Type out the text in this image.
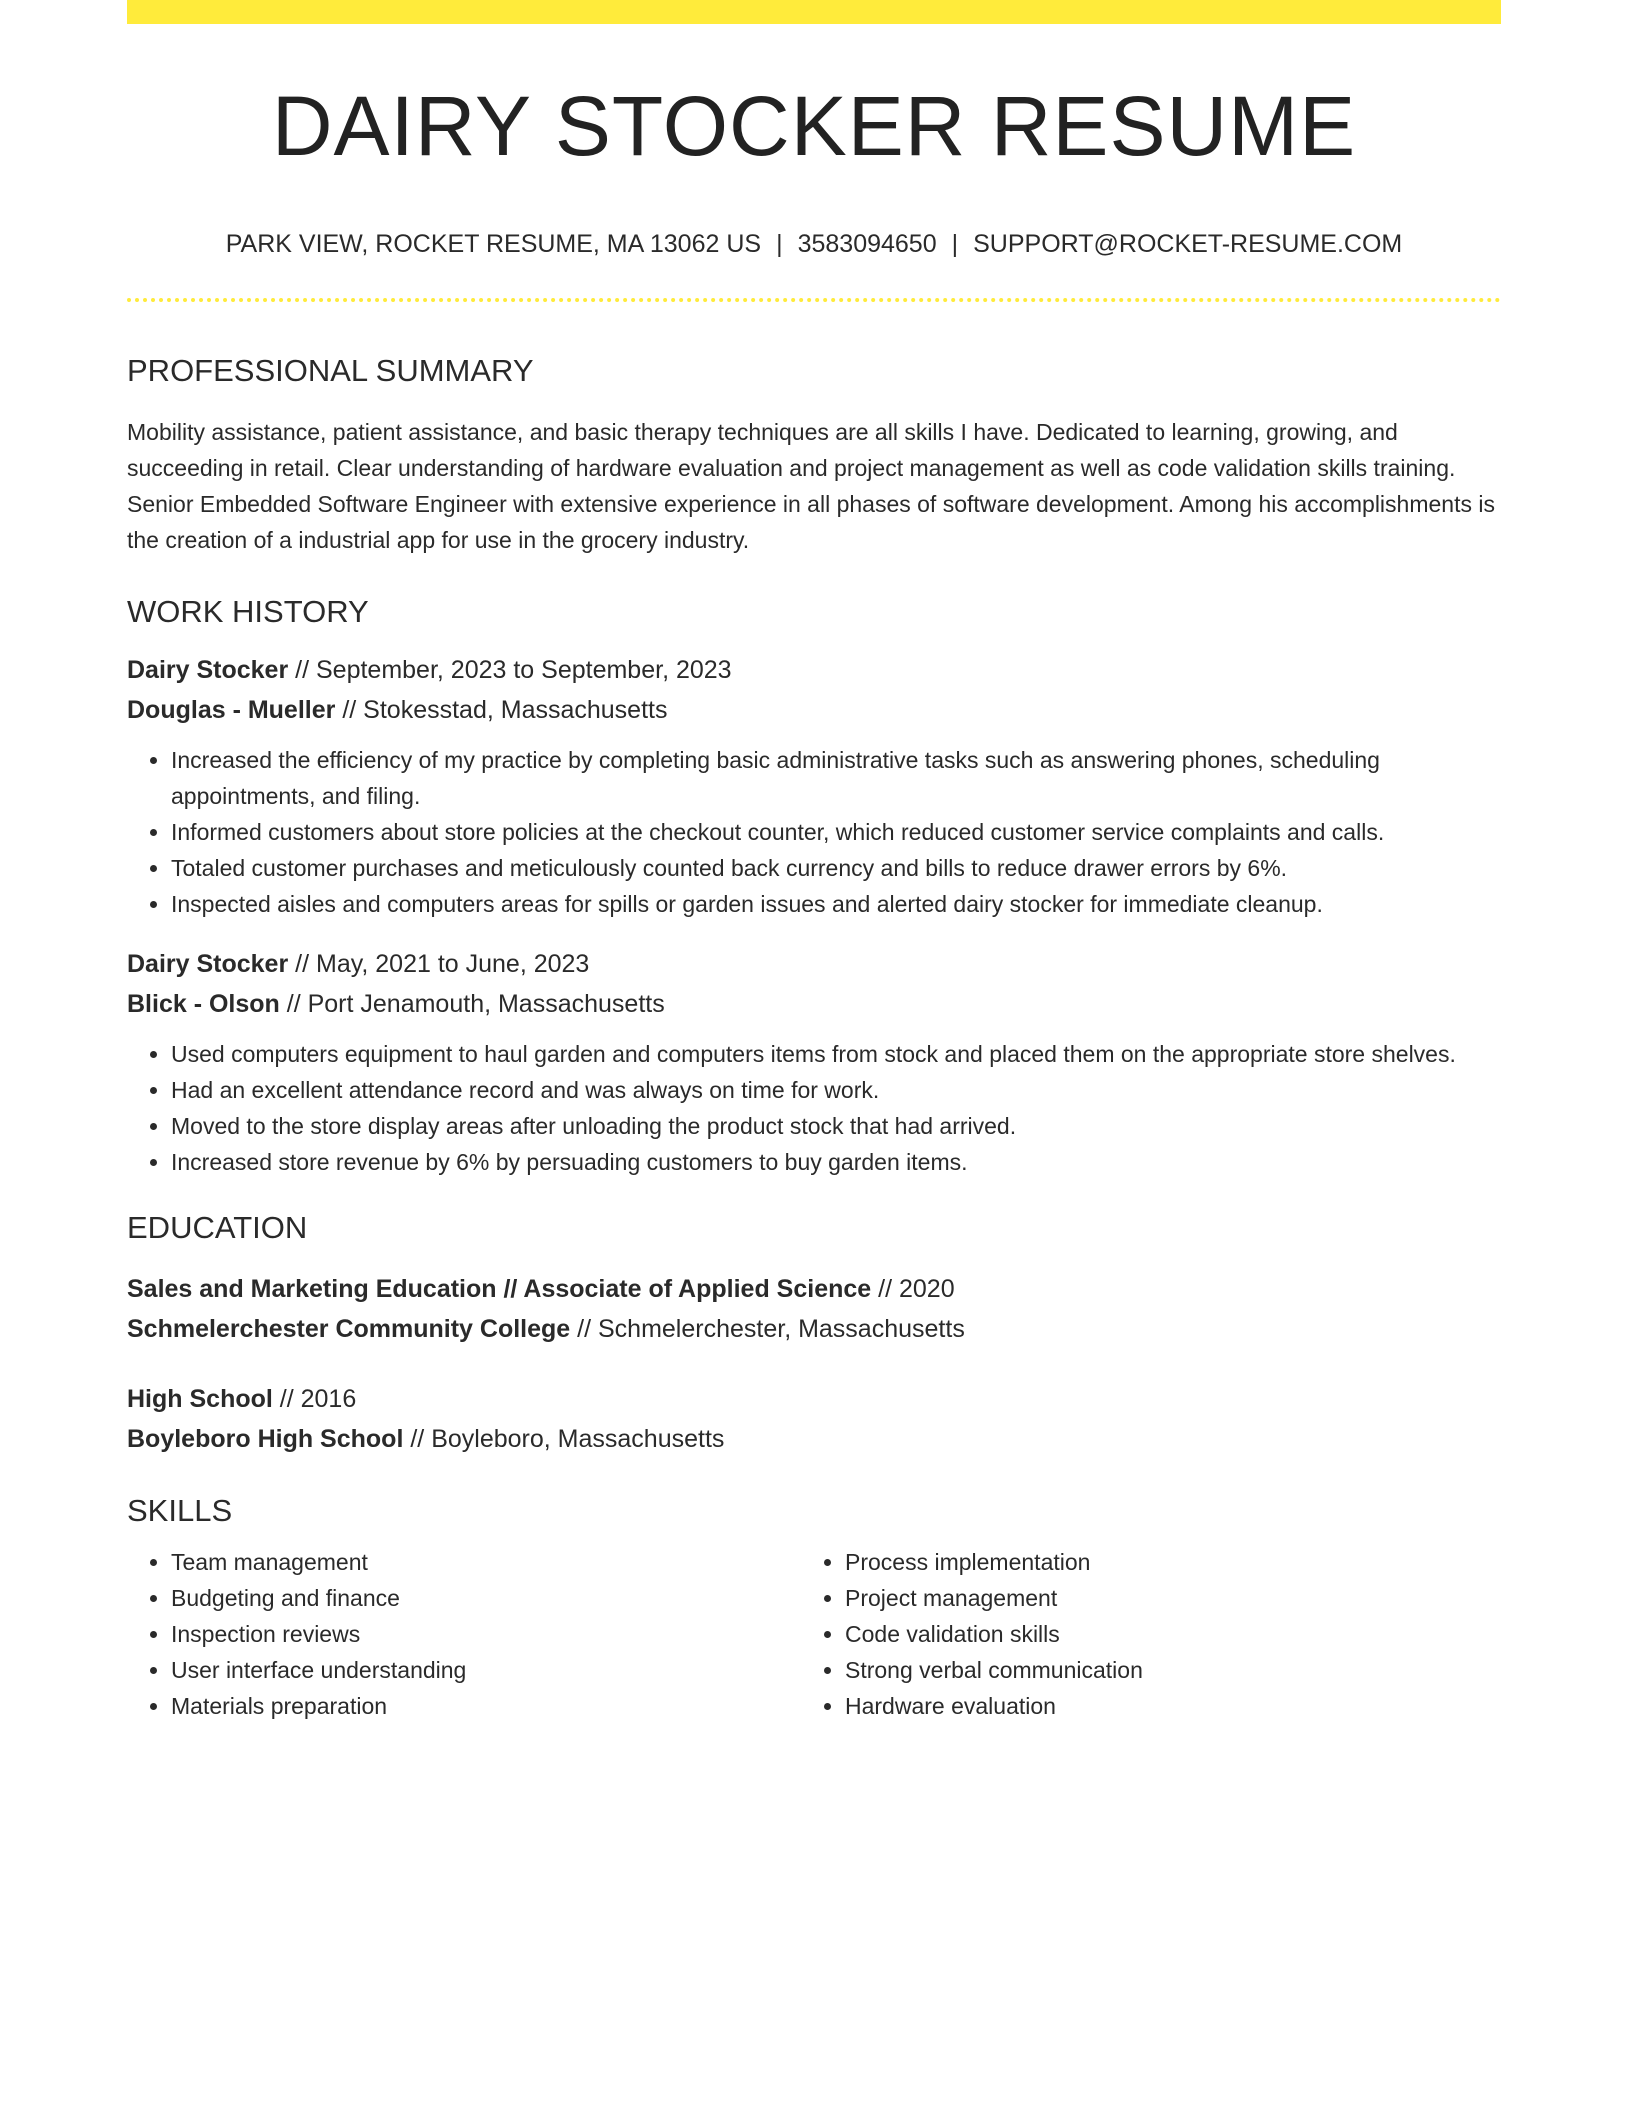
DAIRY STOCKER RESUME
PARK VIEW, ROCKET RESUME, MA 13062 US | 3583094650 | SUPPORT@ROCKET-RESUME.COM
PROFESSIONAL SUMMARY

Mobility assistance, patient assistance, and basic therapy techniques are all skills I have. Dedicated to learning, growing, and succeeding in retail. Clear understanding of hardware evaluation and project management as well as code validation skills training. Senior Embedded Software Engineer with extensive experience in all phases of software development. Among his accomplishments is the creation of a industrial app for use in the grocery industry.

WORK HISTORY
Dairy Stocker // September, 2023 to September, 2023
Douglas - Mueller // Stokesstad, Massachusetts
• Increased the efficiency of my practice by completing basic administrative tasks such as answering phones, scheduling appointments, and filing.
• Informed customers about store policies at the checkout counter, which reduced customer service complaints and calls.
• Totaled customer purchases and meticulously counted back currency and bills to reduce drawer errors by 6%.
• Inspected aisles and computers areas for spills or garden issues and alerted dairy stocker for immediate cleanup.
Dairy Stocker // May, 2021 to June, 2023
Blick - Olson // Port Jenamouth, Massachusetts
• Used computers equipment to haul garden and computers items from stock and placed them on the appropriate store shelves.
• Had an excellent attendance record and was always on time for work.
• Moved to the store display areas after unloading the product stock that had arrived.
• Increased store revenue by 6% by persuading customers to buy garden items.
EDUCATION
Sales and Marketing Education // Associate of Applied Science // 2020
Schmelerchester Community College // Schmelerchester, Massachusetts
High School // 2016
Boyleboro High School // Boyleboro, Massachusetts
SKILLS
• Team management
• Budgeting and finance
• Inspection reviews
• User interface understanding
• Materials preparation
• Process implementation
• Project management
• Code validation skills
• Strong verbal communication
• Hardware evaluation
